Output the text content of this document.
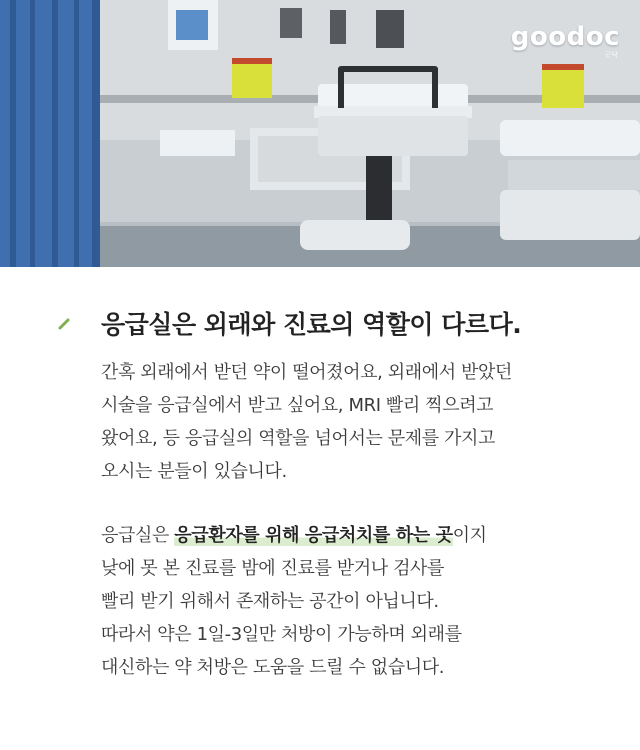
goodoc
굿닥
응급실은 외래와 진료의 역할이 다르다.
간혹 외래에서 받던 약이 떨어졌어요, 외래에서 받았던
시술을 응급실에서 받고 싶어요, MRI 빨리 찍으려고
왔어요, 등 응급실의 역할을 넘어서는 문제를 가지고
오시는 분들이 있습니다.
응급실은 응급환자를 위해 응급처치를 하는 곳이지
낮에 못 본 진료를 밤에 진료를 받거나 검사를
빨리 받기 위해서 존재하는 공간이 아닙니다.
따라서 약은 1일-3일만 처방이 가능하며 외래를
대신하는 약 처방은 도움을 드릴 수 없습니다.
